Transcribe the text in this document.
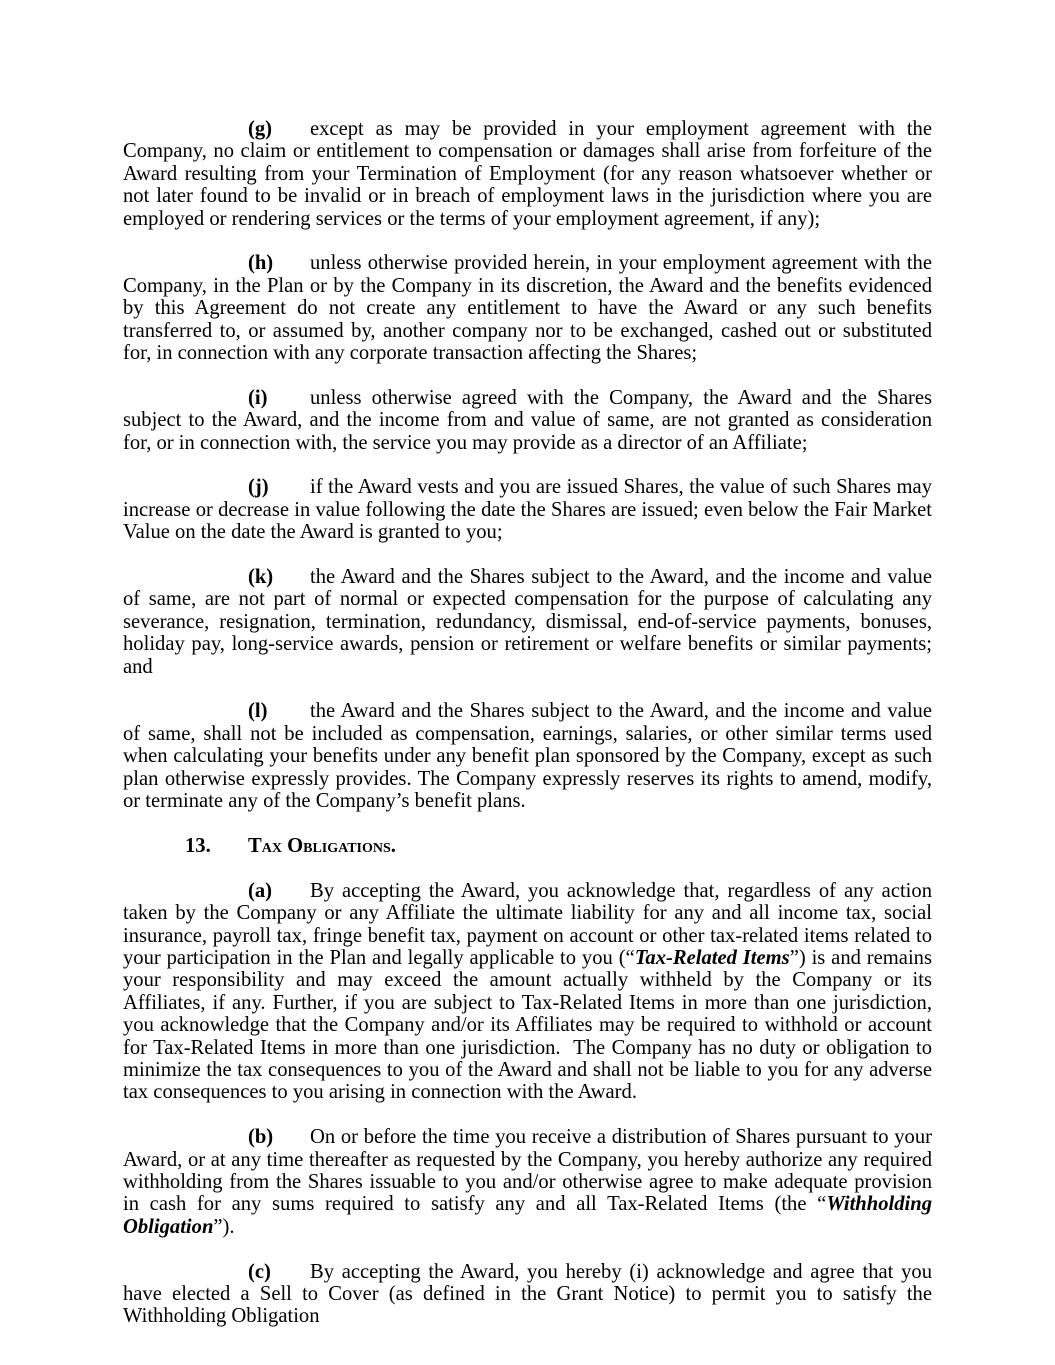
(g) except as may be provided in your employment agreement with the Company, no claim or entitlement to compensation or damages shall arise from forfeiture of the Award resulting from your Termination of Employment (for any reason whatsoever whether or not later found to be invalid or in breach of employment laws in the jurisdiction where you are employed or rendering services or the terms of your employment agreement, if any);

(h) unless otherwise provided herein, in your employment agreement with the Company, in the Plan or by the Company in its discretion, the Award and the benefits evidenced by this Agreement do not create any entitlement to have the Award or any such benefits transferred to, or assumed by, another company nor to be exchanged, cashed out or substituted for, in connection with any corporate transaction affecting the Shares;

(i) unless otherwise agreed with the Company, the Award and the Shares subject to the Award, and the income from and value of same, are not granted as consideration for, or in connection with, the service you may provide as a director of an Affiliate;

(j) if the Award vests and you are issued Shares, the value of such Shares may increase or decrease in value following the date the Shares are issued; even below the Fair Market Value on the date the Award is granted to you;

(k) the Award and the Shares subject to the Award, and the income and value of same, are not part of normal or expected compensation for the purpose of calculating any severance, resignation, termination, redundancy, dismissal, end-of-service payments, bonuses, holiday pay, long-service awards, pension or retirement or welfare benefits or similar payments; and

(l) the Award and the Shares subject to the Award, and the income and value of same, shall not be included as compensation, earnings, salaries, or other similar terms used when calculating your benefits under any benefit plan sponsored by the Company, except as such plan otherwise expressly provides. The Company expressly reserves its rights to amend, modify, or terminate any of the Company’s benefit plans.

13. Tax Obligations.

(a) By accepting the Award, you acknowledge that, regardless of any action taken by the Company or any Affiliate the ultimate liability for any and all income tax, social insurance, payroll tax, fringe benefit tax, payment on account or other tax-related items related to your participation in the Plan and legally applicable to you (“Tax-Related Items”) is and remains your responsibility and may exceed the amount actually withheld by the Company or its Affiliates, if any. Further, if you are subject to Tax-Related Items in more than one jurisdiction, you acknowledge that the Company and/or its Affiliates may be required to withhold or account for Tax-Related Items in more than one jurisdiction.  The Company has no duty or obligation to minimize the tax consequences to you of the Award and shall not be liable to you for any adverse tax consequences to you arising in connection with the Award.

(b) On or before the time you receive a distribution of Shares pursuant to your Award, or at any time thereafter as requested by the Company, you hereby authorize any required withholding from the Shares issuable to you and/or otherwise agree to make adequate provision in cash for any sums required to satisfy any and all Tax-Related Items (the “Withholding Obligation”).

(c) By accepting the Award, you hereby (i) acknowledge and agree that you have elected a Sell to Cover (as defined in the Grant Notice) to permit you to satisfy the Withholding Obligation
